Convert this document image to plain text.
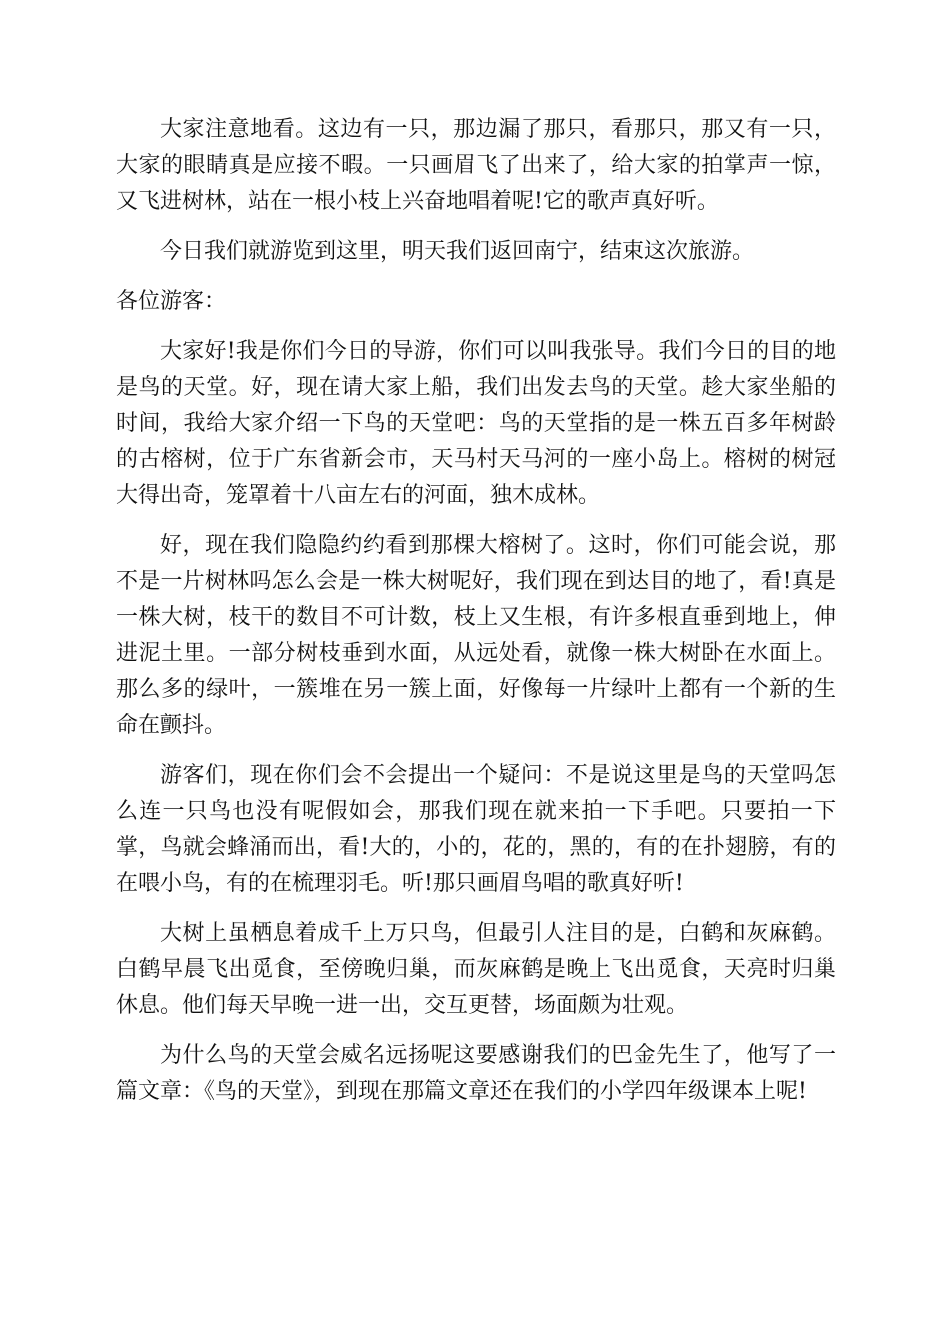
大家注意地看。这边有一只，那边漏了那只，看那只，那又有一只，大家的眼睛真是应接不暇。一只画眉飞了出来了，给大家的拍掌声一惊，又飞进树林，站在一根小枝上兴奋地唱着呢!它的歌声真好听。

今日我们就游览到这里，明天我们返回南宁，结束这次旅游。

各位游客：

大家好!我是你们今日的导游，你们可以叫我张导。我们今日的目的地是鸟的天堂。好，现在请大家上船，我们出发去鸟的天堂。趁大家坐船的时间，我给大家介绍一下鸟的天堂吧：鸟的天堂指的是一株五百多年树龄的古榕树，位于广东省新会市，天马村天马河的一座小岛上。榕树的树冠大得出奇，笼罩着十八亩左右的河面，独木成林。

好，现在我们隐隐约约看到那棵大榕树了。这时，你们可能会说，那不是一片树林吗怎么会是一株大树呢好，我们现在到达目的地了，看!真是一株大树，枝干的数目不可计数，枝上又生根，有许多根直垂到地上，伸进泥土里。一部分树枝垂到水面，从远处看，就像一株大树卧在水面上。那么多的绿叶，一簇堆在另一簇上面，好像每一片绿叶上都有一个新的生命在颤抖。

游客们，现在你们会不会提出一个疑问：不是说这里是鸟的天堂吗怎么连一只鸟也没有呢假如会，那我们现在就来拍一下手吧。只要拍一下掌，鸟就会蜂涌而出，看!大的，小的，花的，黑的，有的在扑翅膀，有的在喂小鸟，有的在梳理羽毛。听!那只画眉鸟唱的歌真好听!

大树上虽栖息着成千上万只鸟，但最引人注目的是，白鹤和灰麻鹤。白鹤早晨飞出觅食，至傍晚归巢，而灰麻鹤是晚上飞出觅食，天亮时归巢休息。他们每天早晚一进一出，交互更替，场面颇为壮观。

为什么鸟的天堂会威名远扬呢这要感谢我们的巴金先生了，他写了一篇文章：《鸟的天堂》，到现在那篇文章还在我们的小学四年级课本上呢!
